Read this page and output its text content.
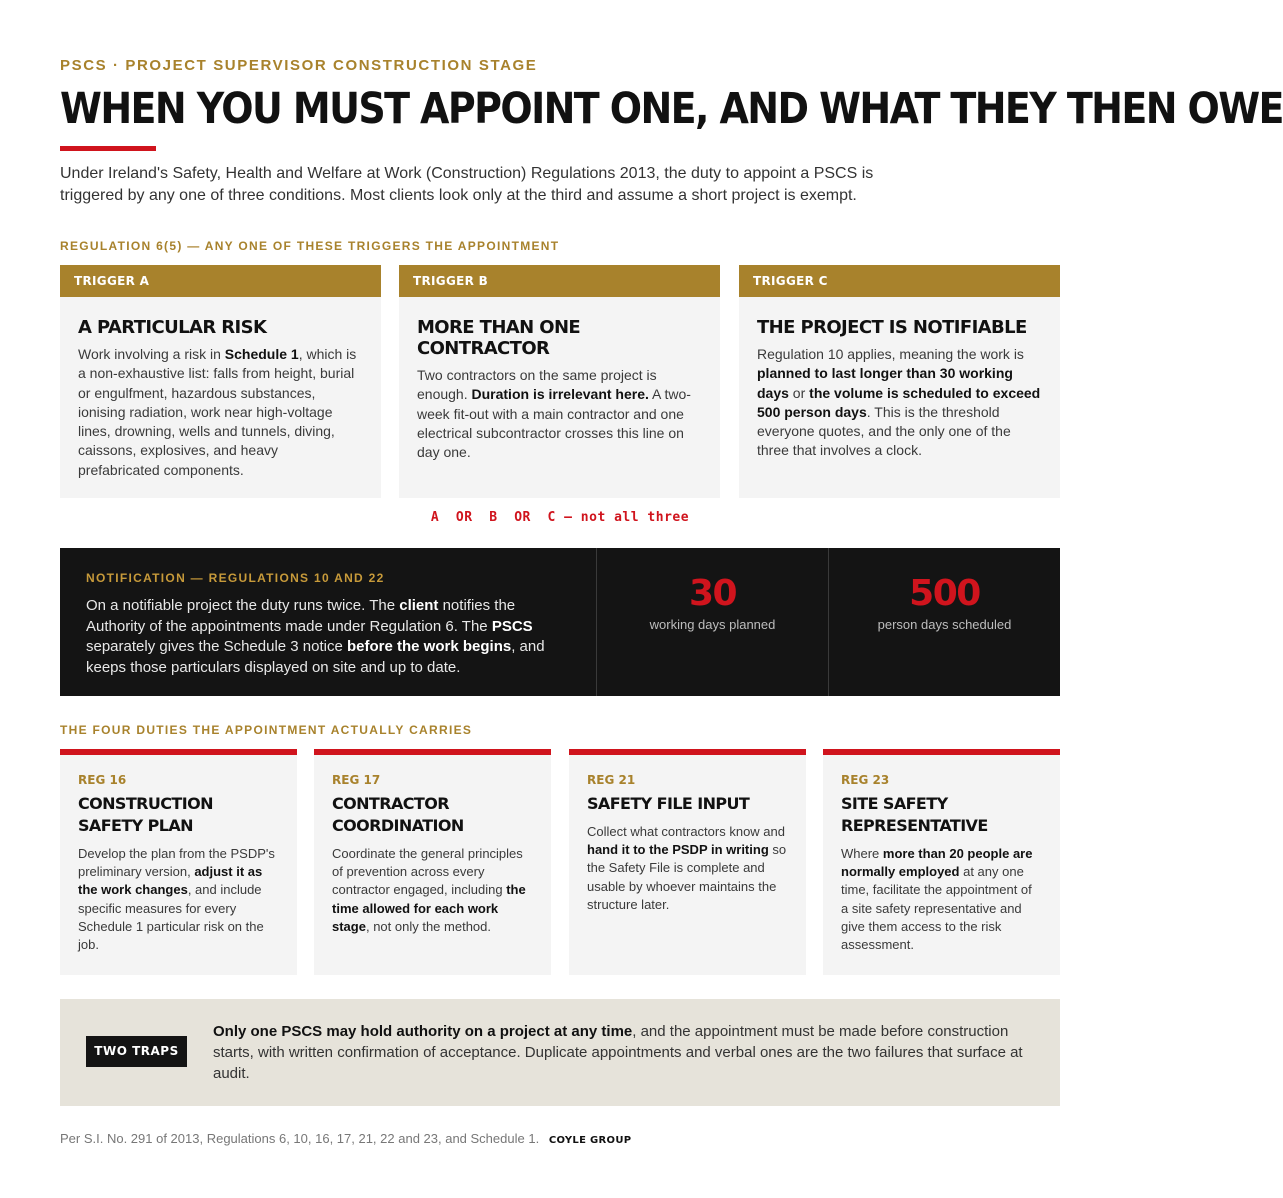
PSCS · PROJECT SUPERVISOR CONSTRUCTION STAGE
WHEN YOU MUST APPOINT ONE, AND WHAT THEY THEN OWE

Under Ireland's Safety, Health and Welfare at Work (Construction) Regulations 2013, the duty to appoint a PSCS is triggered by any one of three conditions. Most clients look only at the third and assume a short project is exempt.

REGULATION 6(5) — ANY ONE OF THESE TRIGGERS THE APPOINTMENT
TRIGGER A
A PARTICULAR RISK

Work involving a risk in Schedule 1, which is a non-exhaustive list: falls from height, burial or engulfment, hazardous substances, ionising radiation, work near high-voltage lines, drowning, wells and tunnels, diving, caissons, explosives, and heavy prefabricated components.

TRIGGER B
MORE THAN ONE CONTRACTOR

Two contractors on the same project is enough. Duration is irrelevant here. A two-week fit-out with a main contractor and one electrical subcontractor crosses this line on day one.

TRIGGER C
THE PROJECT IS NOTIFIABLE

Regulation 10 applies, meaning the work is planned to last longer than 30 working days or the volume is scheduled to exceed 500 person days. This is the threshold everyone quotes, and the only one of the three that involves a clock.

A  OR  B  OR  C — not all three
NOTIFICATION — REGULATIONS 10 AND 22

On a notifiable project the duty runs twice. The client notifies the Authority of the appointments made under Regulation 6. The PSCS separately gives the Schedule 3 notice before the work begins, and keeps those particulars displayed on site and up to date.

30
working days planned
500
person days scheduled
THE FOUR DUTIES THE APPOINTMENT ACTUALLY CARRIES
REG 16
CONSTRUCTION SAFETY PLAN

Develop the plan from the PSDP's preliminary version, adjust it as the work changes, and include specific measures for every Schedule 1 particular risk on the job.

REG 17
CONTRACTOR COORDINATION

Coordinate the general principles of prevention across every contractor engaged, including the time allowed for each work stage, not only the method.

REG 21
SAFETY FILE INPUT

Collect what contractors know and hand it to the PSDP in writing so the Safety File is complete and usable by whoever maintains the structure later.

REG 23
SITE SAFETY REPRESENTATIVE

Where more than 20 people are normally employed at any one time, facilitate the appointment of a site safety representative and give them access to the risk assessment.

TWO TRAPS

Only one PSCS may hold authority on a project at any time, and the appointment must be made before construction starts, with written confirmation of acceptance. Duplicate appointments and verbal ones are the two failures that surface at audit.

Per S.I. No. 291 of 2013, Regulations 6, 10, 16, 17, 21, 22 and 23, and Schedule 1. COYLE GROUP
